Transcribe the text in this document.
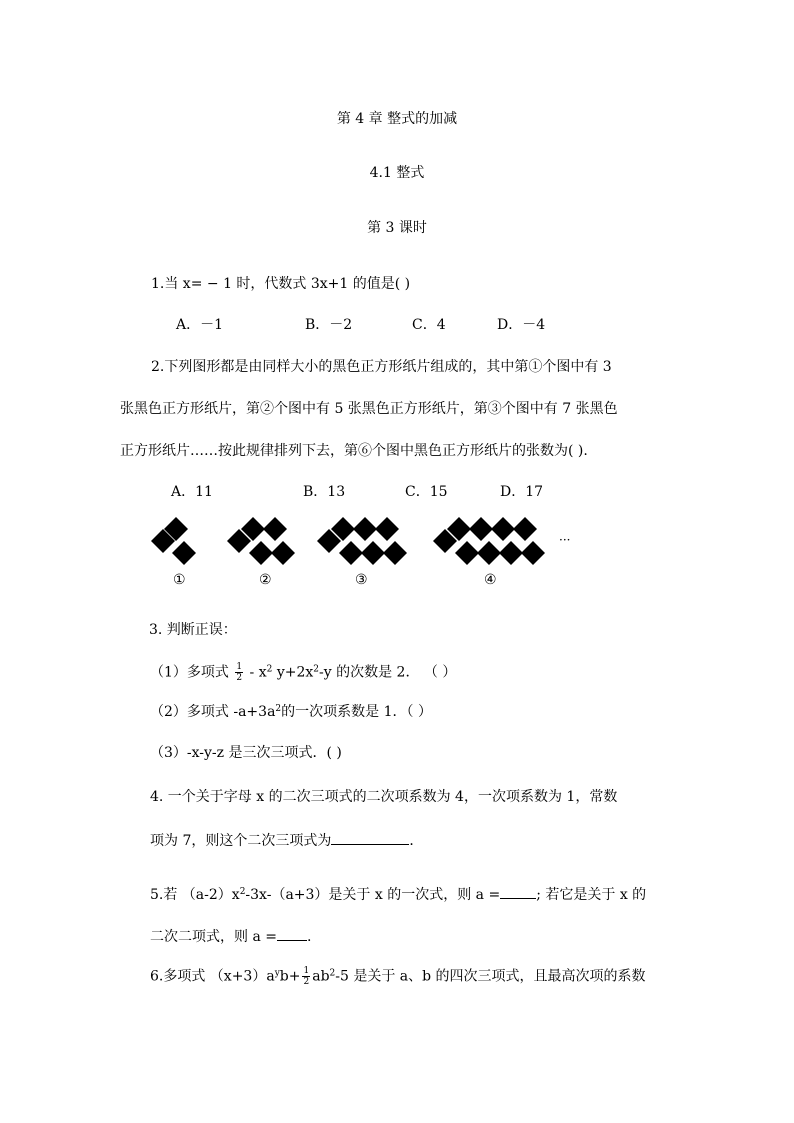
第 4 章 整式的加减
4.1 整式
第 3 课时
1.当 x= − 1 时，代数式 3x+1 的值是( )
A．－1	B．－2	C．4	D．－4
2.下列图形都是由同样大小的黑色正方形纸片组成的，其中第①个图中有 3
张黑色正方形纸片，第②个图中有 5 张黑色正方形纸片，第③个图中有 7 张黑色
正方形纸片……按此规律排列下去，第⑥个图中黑色正方形纸片的张数为( ).
A．11	B．13	C．15	D．17
···
①	②	③	④
3. 判断正误：
（1）多项式 $\frac{1}{2} - x^2$ $y+2x^2-y$ 的次数是 2． （ ）
（2）多项式 $-a+3a^2$的一次项系数是 1．（ ）
（3）-x-y-z 是三次三项式．( )
4. 一个关于字母 x 的二次三项式的二次项系数为 4，一次项系数为 1，常数
项为 7，则这个二次三项式为	．
5.若 $(a-2)x^2-3x-(a+3)$是关于 x 的一次式，则 a =	; 若它是关于 x 的
二次二项式，则 a = .
6.多项式 $(x+3)a^yb+ \frac{1}{2} ab^2-5$ 是关于 a、b 的四次三项式，且最高次项的系数
